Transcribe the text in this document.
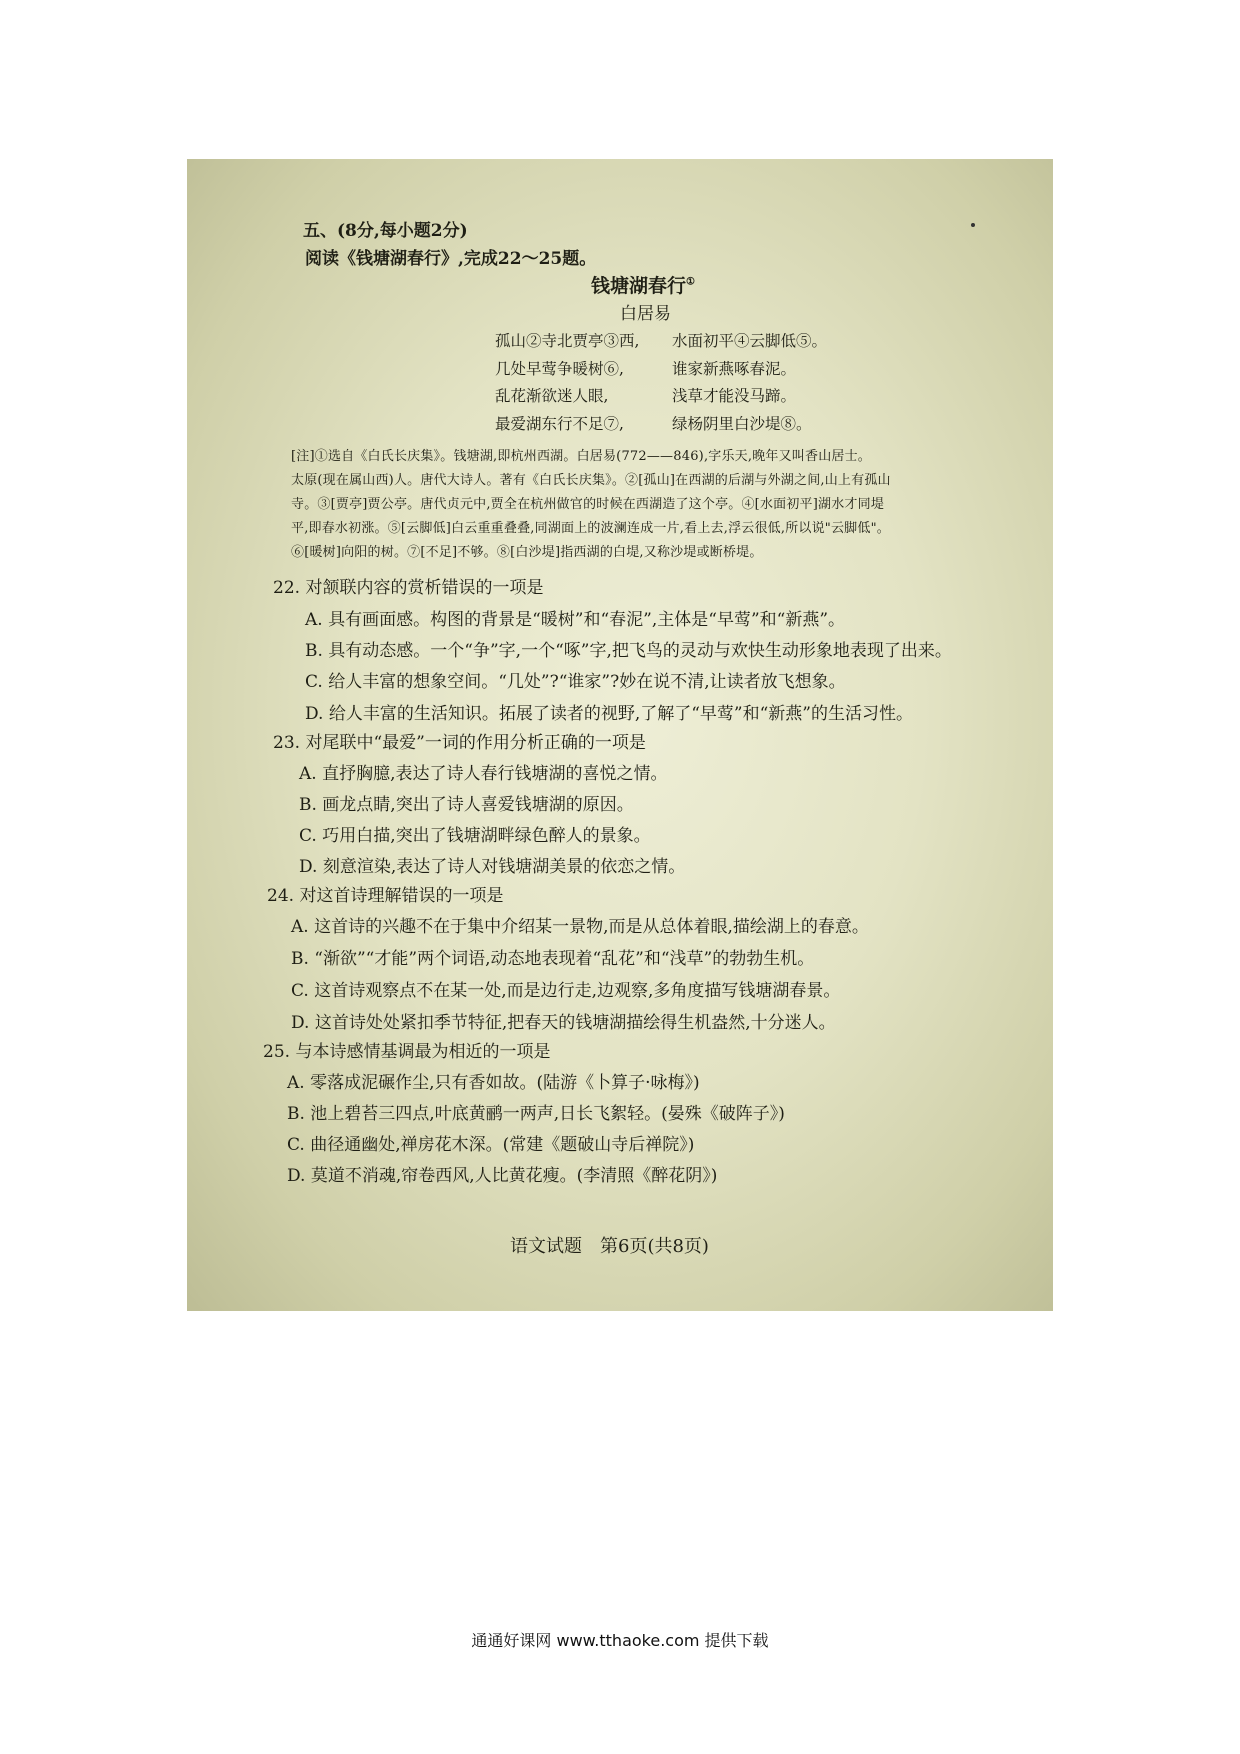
五、(8分,每小题2分)
阅读《钱塘湖春行》,完成22～25题。
钱塘湖春行①
白居易
孤山②寺北贾亭③西, 水面初平④云脚低⑤。
几处早莺争暖树⑥,	谁家新燕啄春泥。
乱花渐欲迷人眼,	浅草才能没马蹄。
最爱湖东行不足⑦,	绿杨阴里白沙堤⑧。
[注]①选自《白氏长庆集》。钱塘湖,即杭州西湖。白居易(772——846),字乐天,晚年又叫香山居士。
太原(现在属山西)人。唐代大诗人。著有《白氏长庆集》。②[孤山]在西湖的后湖与外湖之间,山上有孤山
寺。③[贾亭]贾公亭。唐代贞元中,贾全在杭州做官的时候在西湖造了这个亭。④[水面初平]湖水才同堤
平,即春水初涨。⑤[云脚低]白云重重叠叠,同湖面上的波澜连成一片,看上去,浮云很低,所以说"云脚低"。
⑥[暖树]向阳的树。⑦[不足]不够。⑧[白沙堤]指西湖的白堤,又称沙堤或断桥堤。
22. 对颔联内容的赏析错误的一项是
A. 具有画面感。构图的背景是“暖树”和“春泥”,主体是“早莺”和“新燕”。
B. 具有动态感。一个“争”字,一个“啄”字,把飞鸟的灵动与欢快生动形象地表现了出来。
C. 给人丰富的想象空间。“几处”?“谁家”?妙在说不清,让读者放飞想象。
D. 给人丰富的生活知识。拓展了读者的视野,了解了“早莺”和“新燕”的生活习性。
23. 对尾联中“最爱”一词的作用分析正确的一项是
A. 直抒胸臆,表达了诗人春行钱塘湖的喜悦之情。
B. 画龙点睛,突出了诗人喜爱钱塘湖的原因。
C. 巧用白描,突出了钱塘湖畔绿色醉人的景象。
D. 刻意渲染,表达了诗人对钱塘湖美景的依恋之情。
24. 对这首诗理解错误的一项是
A. 这首诗的兴趣不在于集中介绍某一景物,而是从总体着眼,描绘湖上的春意。
B. “渐欲”“才能”两个词语,动态地表现着“乱花”和“浅草”的勃勃生机。
C. 这首诗观察点不在某一处,而是边行走,边观察,多角度描写钱塘湖春景。
D. 这首诗处处紧扣季节特征,把春天的钱塘湖描绘得生机盎然,十分迷人。
25. 与本诗感情基调最为相近的一项是
A. 零落成泥碾作尘,只有香如故。(陆游《卜算子·咏梅》)
B. 池上碧苔三四点,叶底黄鹂一两声,日长飞絮轻。(晏殊《破阵子》)
C. 曲径通幽处,禅房花木深。(常建《题破山寺后禅院》)
D. 莫道不消魂,帘卷西风,人比黄花瘦。(李清照《醉花阴》)
语文试题　第6页(共8页)
通通好课网 www.tthaoke.com 提供下载
